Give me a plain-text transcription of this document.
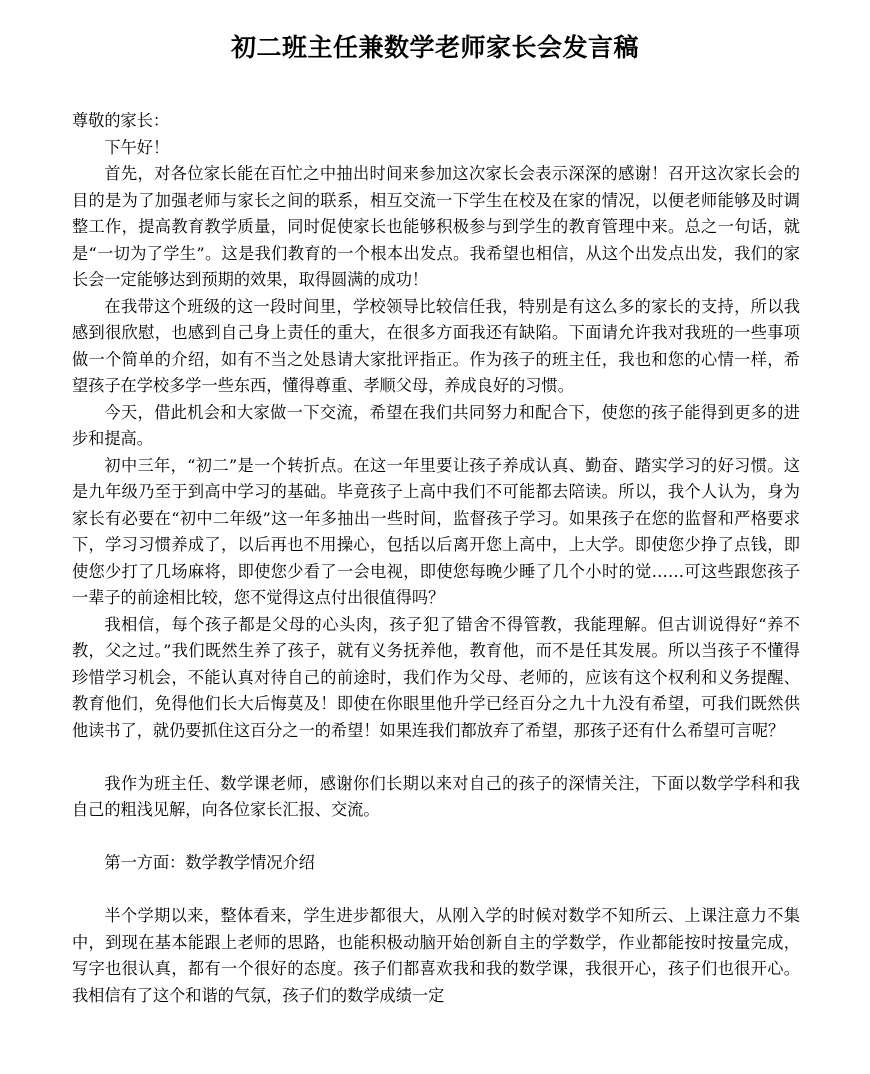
初二班主任兼数学老师家长会发言稿

尊敬的家长：

下午好！

首先，对各位家长能在百忙之中抽出时间来参加这次家长会表示深深的感谢！召开这次家长会的目的是为了加强老师与家长之间的联系，相互交流一下学生在校及在家的情况，以便老师能够及时调整工作，提高教育教学质量，同时促使家长也能够积极参与到学生的教育管理中来。总之一句话，就是“一切为了学生”。这是我们教育的一个根本出发点。我希望也相信，从这个出发点出发，我们的家长会一定能够达到预期的效果，取得圆满的成功！

在我带这个班级的这一段时间里，学校领导比较信任我，特别是有这么多的家长的支持，所以我感到很欣慰，也感到自己身上责任的重大，在很多方面我还有缺陷。下面请允许我对我班的一些事项做一个简单的介绍，如有不当之处恳请大家批评指正。作为孩子的班主任，我也和您的心情一样，希望孩子在学校多学一些东西，懂得尊重、孝顺父母，养成良好的习惯。

今天，借此机会和大家做一下交流，希望在我们共同努力和配合下，使您的孩子能得到更多的进步和提高。

初中三年，“初二”是一个转折点。在这一年里要让孩子养成认真、勤奋、踏实学习的好习惯。这是九年级乃至于到高中学习的基础。毕竟孩子上高中我们不可能都去陪读。所以，我个人认为，身为家长有必要在“初中二年级”这一年多抽出一些时间，监督孩子学习。如果孩子在您的监督和严格要求下，学习习惯养成了，以后再也不用操心，包括以后离开您上高中，上大学。即使您少挣了点钱，即使您少打了几场麻将，即使您少看了一会电视，即使您每晚少睡了几个小时的觉……可这些跟您孩子一辈子的前途相比较，您不觉得这点付出很值得吗？

我相信，每个孩子都是父母的心头肉，孩子犯了错舍不得管教，我能理解。但古训说得好“养不教，父之过。”我们既然生养了孩子，就有义务抚养他，教育他，而不是任其发展。所以当孩子不懂得珍惜学习机会，不能认真对待自己的前途时，我们作为父母、老师的，应该有这个权利和义务提醒、教育他们，免得他们长大后悔莫及！即使在你眼里他升学已经百分之九十九没有希望，可我们既然供他读书了，就仍要抓住这百分之一的希望！如果连我们都放弃了希望，那孩子还有什么希望可言呢？

我作为班主任、数学课老师，感谢你们长期以来对自己的孩子的深情关注，下面以数学学科和我自己的粗浅见解，向各位家长汇报、交流。

第一方面：数学教学情况介绍

半个学期以来，整体看来，学生进步都很大，从刚入学的时候对数学不知所云、上课注意力不集中，到现在基本能跟上老师的思路，也能积极动脑开始创新自主的学数学，作业都能按时按量完成，写字也很认真，都有一个很好的态度。孩子们都喜欢我和我的数学课，我很开心，孩子们也很开心。我相信有了这个和谐的气氛，孩子们的数学成绩一定
